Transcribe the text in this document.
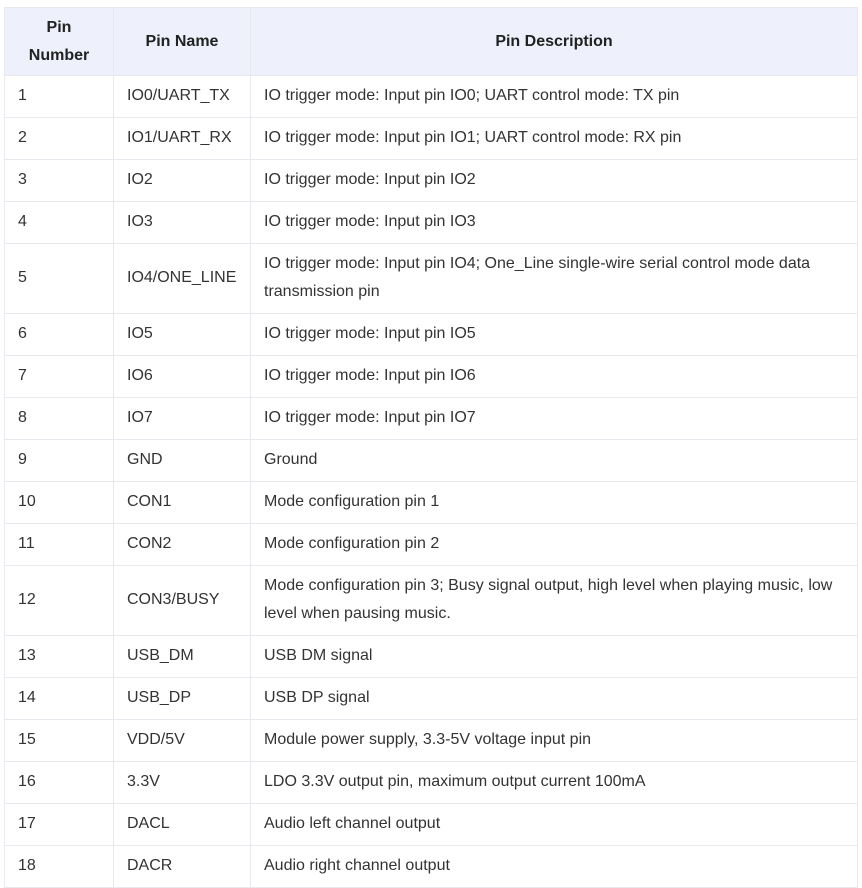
Pin Number	Pin Name	Pin Description
1	IO0/UART_TX	IO trigger mode: Input pin IO0; UART control mode: TX pin
2	IO1/UART_RX	IO trigger mode: Input pin IO1; UART control mode: RX pin
3	IO2	IO trigger mode: Input pin IO2
4	IO3	IO trigger mode: Input pin IO3
5	IO4/ONE_LINE	IO trigger mode: Input pin IO4; One_Line single-wire serial control mode data transmission pin
6	IO5	IO trigger mode: Input pin IO5
7	IO6	IO trigger mode: Input pin IO6
8	IO7	IO trigger mode: Input pin IO7
9	GND	Ground
10	CON1	Mode configuration pin 1
11	CON2	Mode configuration pin 2
12	CON3/BUSY	Mode configuration pin 3; Busy signal output, high level when playing music, low level when pausing music.
13	USB_DM	USB DM signal
14	USB_DP	USB DP signal
15	VDD/5V	Module power supply, 3.3-5V voltage input pin
16	3.3V	LDO 3.3V output pin, maximum output current 100mA
17	DACL	Audio left channel output
18	DACR	Audio right channel output
